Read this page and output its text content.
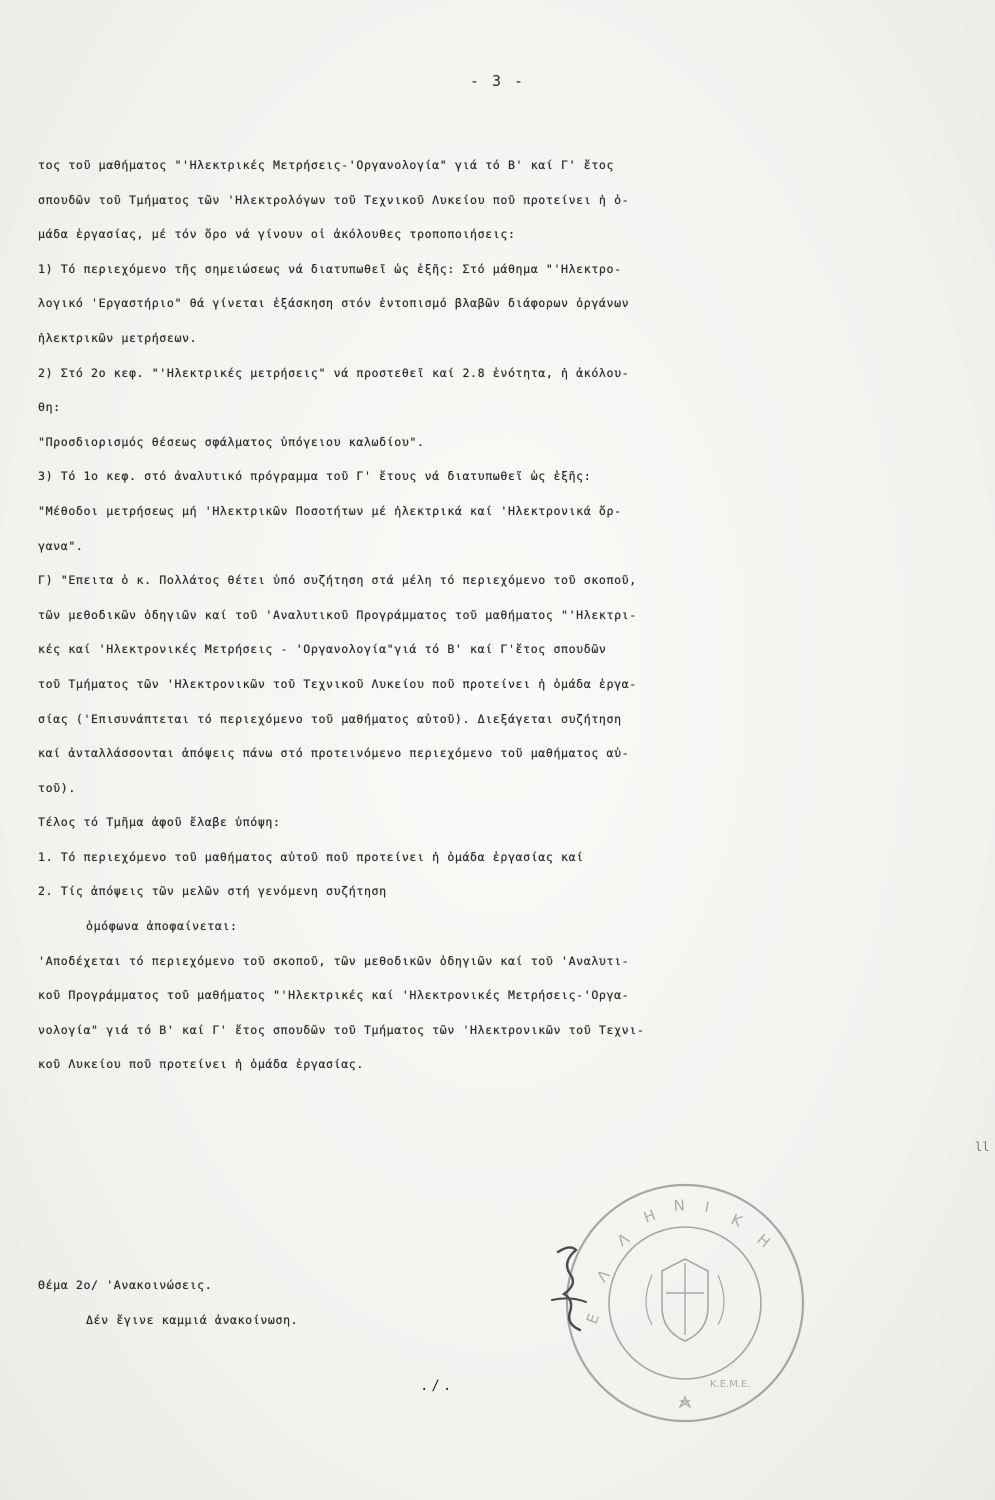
- 3 -
τος τοῦ μαθήματος "'Ηλεκτρικές Μετρήσεις-'Οργανολογία" γιά τό Β' καί Γ' ἔτος
σπουδῶν τοῦ Τμήματος τῶν 'Ηλεκτρολόγων τοῦ Τεχνικοῦ Λυκείου ποῦ προτείνει ἡ ὁ-
μάδα ἐργασίας, μέ τόν ὅρο νά γίνουν οἱ ἀκόλουθες τροποποιήσεις:
1) Τό περιεχόμενο τῆς σημειώσεως νά διατυπωθεῖ ὡς ἑξῆς: Στό μάθημα "'Ηλεκτρο-
λογικό 'Εργαστήριο" θά γίνεται ἐξάσκηση στόν ἐντοπισμό βλαβῶν διάφορων ὀργάνων
ἠλεκτρικῶν μετρήσεων.
2) Στό 2ο κεφ. "'Ηλεκτρικές μετρήσεις" νά προστεθεῖ καί 2.8 ἑνότητα, ἡ ἀκόλου-
θη:
"Προσδιορισμός θέσεως σφάλματος ὑπόγειου καλωδίου".
3) Τό 1ο κεφ. στό ἀναλυτικό πρόγραμμα τοῦ Γ' ἔτους νά διατυπωθεῖ ὡς ἑξῆς:
"Μέθοδοι μετρήσεως μή 'Ηλεκτρικῶν Ποσοτήτων μέ ἠλεκτρικά καί 'Ηλεκτρονικά ὄρ-
γανα".
Γ) "Επειτα ὁ κ. Πολλάτος θέτει ὑπό συζήτηση στά μέλη τό περιεχόμενο τοῦ σκοποῦ,
τῶν μεθοδικῶν ὁδηγιῶν καί τοῦ 'Αναλυτικοῦ Προγράμματος τοῦ μαθήματος "'Ηλεκτρι-
κές καί 'Ηλεκτρονικές Μετρήσεις - 'Οργανολογία"γιά τό Β' καί Γ'ἔτος σπουδῶν
τοῦ Τμήματος τῶν 'Ηλεκτρονικῶν τοῦ Τεχνικοῦ Λυκείου ποῦ προτείνει ἡ ὁμάδα ἐργα-
σίας ('Επισυνάπτεται τό περιεχόμενο τοῦ μαθήματος αὐτοῦ). Διεξάγεται συζήτηση
καί ἀνταλλάσσονται ἀπόψεις πάνω στό προτεινόμενο περιεχόμενο τοῦ μαθήματος αὐ-
τοῦ).
Τέλος τό Τμῆμα ἀφοῦ ἔλαβε ὑπόψη:
1. Τό περιεχόμενο τοῦ μαθήματος αὐτοῦ ποῦ προτείνει ἡ ὁμάδα ἐργασίας καί
2. Τίς ἀπόψεις τῶν μελῶν στή γενόμενη συζήτηση
ὁμόφωνα ἀποφαίνεται:
'Αποδέχεται τό περιεχόμενο τοῦ σκοποῦ, τῶν μεθοδικῶν ὁδηγιῶν καί τοῦ 'Αναλυτι-
κοῦ Προγράμματος τοῦ μαθήματος "'Ηλεκτρικές καί 'Ηλεκτρονικές Μετρήσεις-'Οργα-
νολογία" γιά τό Β' καί Γ' ἔτος σπουδῶν τοῦ Τμήματος τῶν 'Ηλεκτρονικῶν τοῦ Τεχνι-
κοῦ Λυκείου ποῦ προτείνει ἡ ὁμάδα ἐργασίας.
Θέμα 2ο/ 'Ανακοινώσεις.
Δέν ἔγινε καμμιά ἀνακοίνωση.
./.
ll
Ε
Λ
Λ
Η
Ν Ι
Κ
Η
Κ.Ε.Μ.Ε.
